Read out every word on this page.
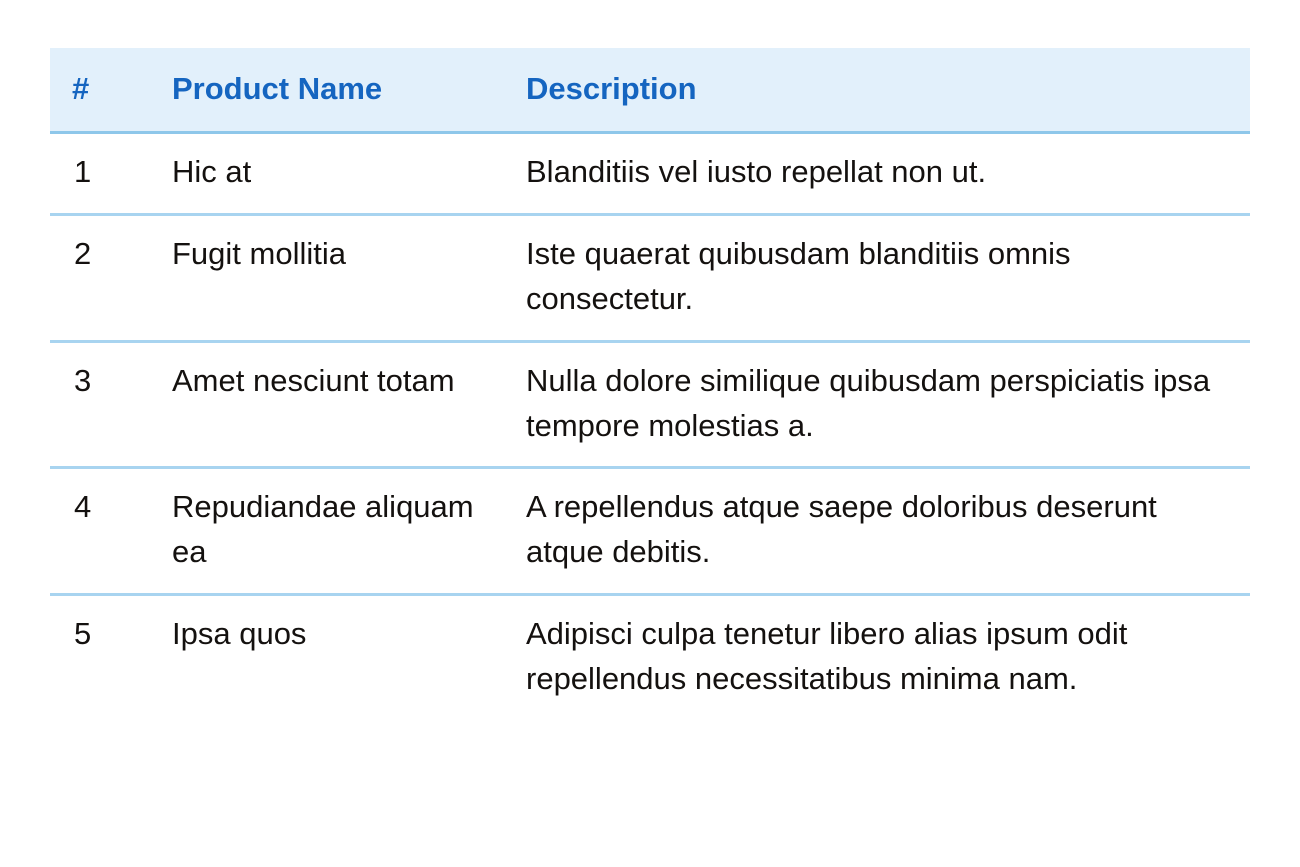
#	Product Name	Description
1	Hic at	Blanditiis vel iusto repellat non ut.
2	Fugit mollitia	Iste quaerat quibusdam blanditiis omnis consectetur.
3	Amet nesciunt totam	Nulla dolore similique quibusdam perspiciatis ipsa tempore molestias a.
4	Repudiandae aliquam ea	A repellendus atque saepe doloribus deserunt atque debitis.
5	Ipsa quos	Adipisci culpa tenetur libero alias ipsum odit repellendus necessitatibus minima nam.
